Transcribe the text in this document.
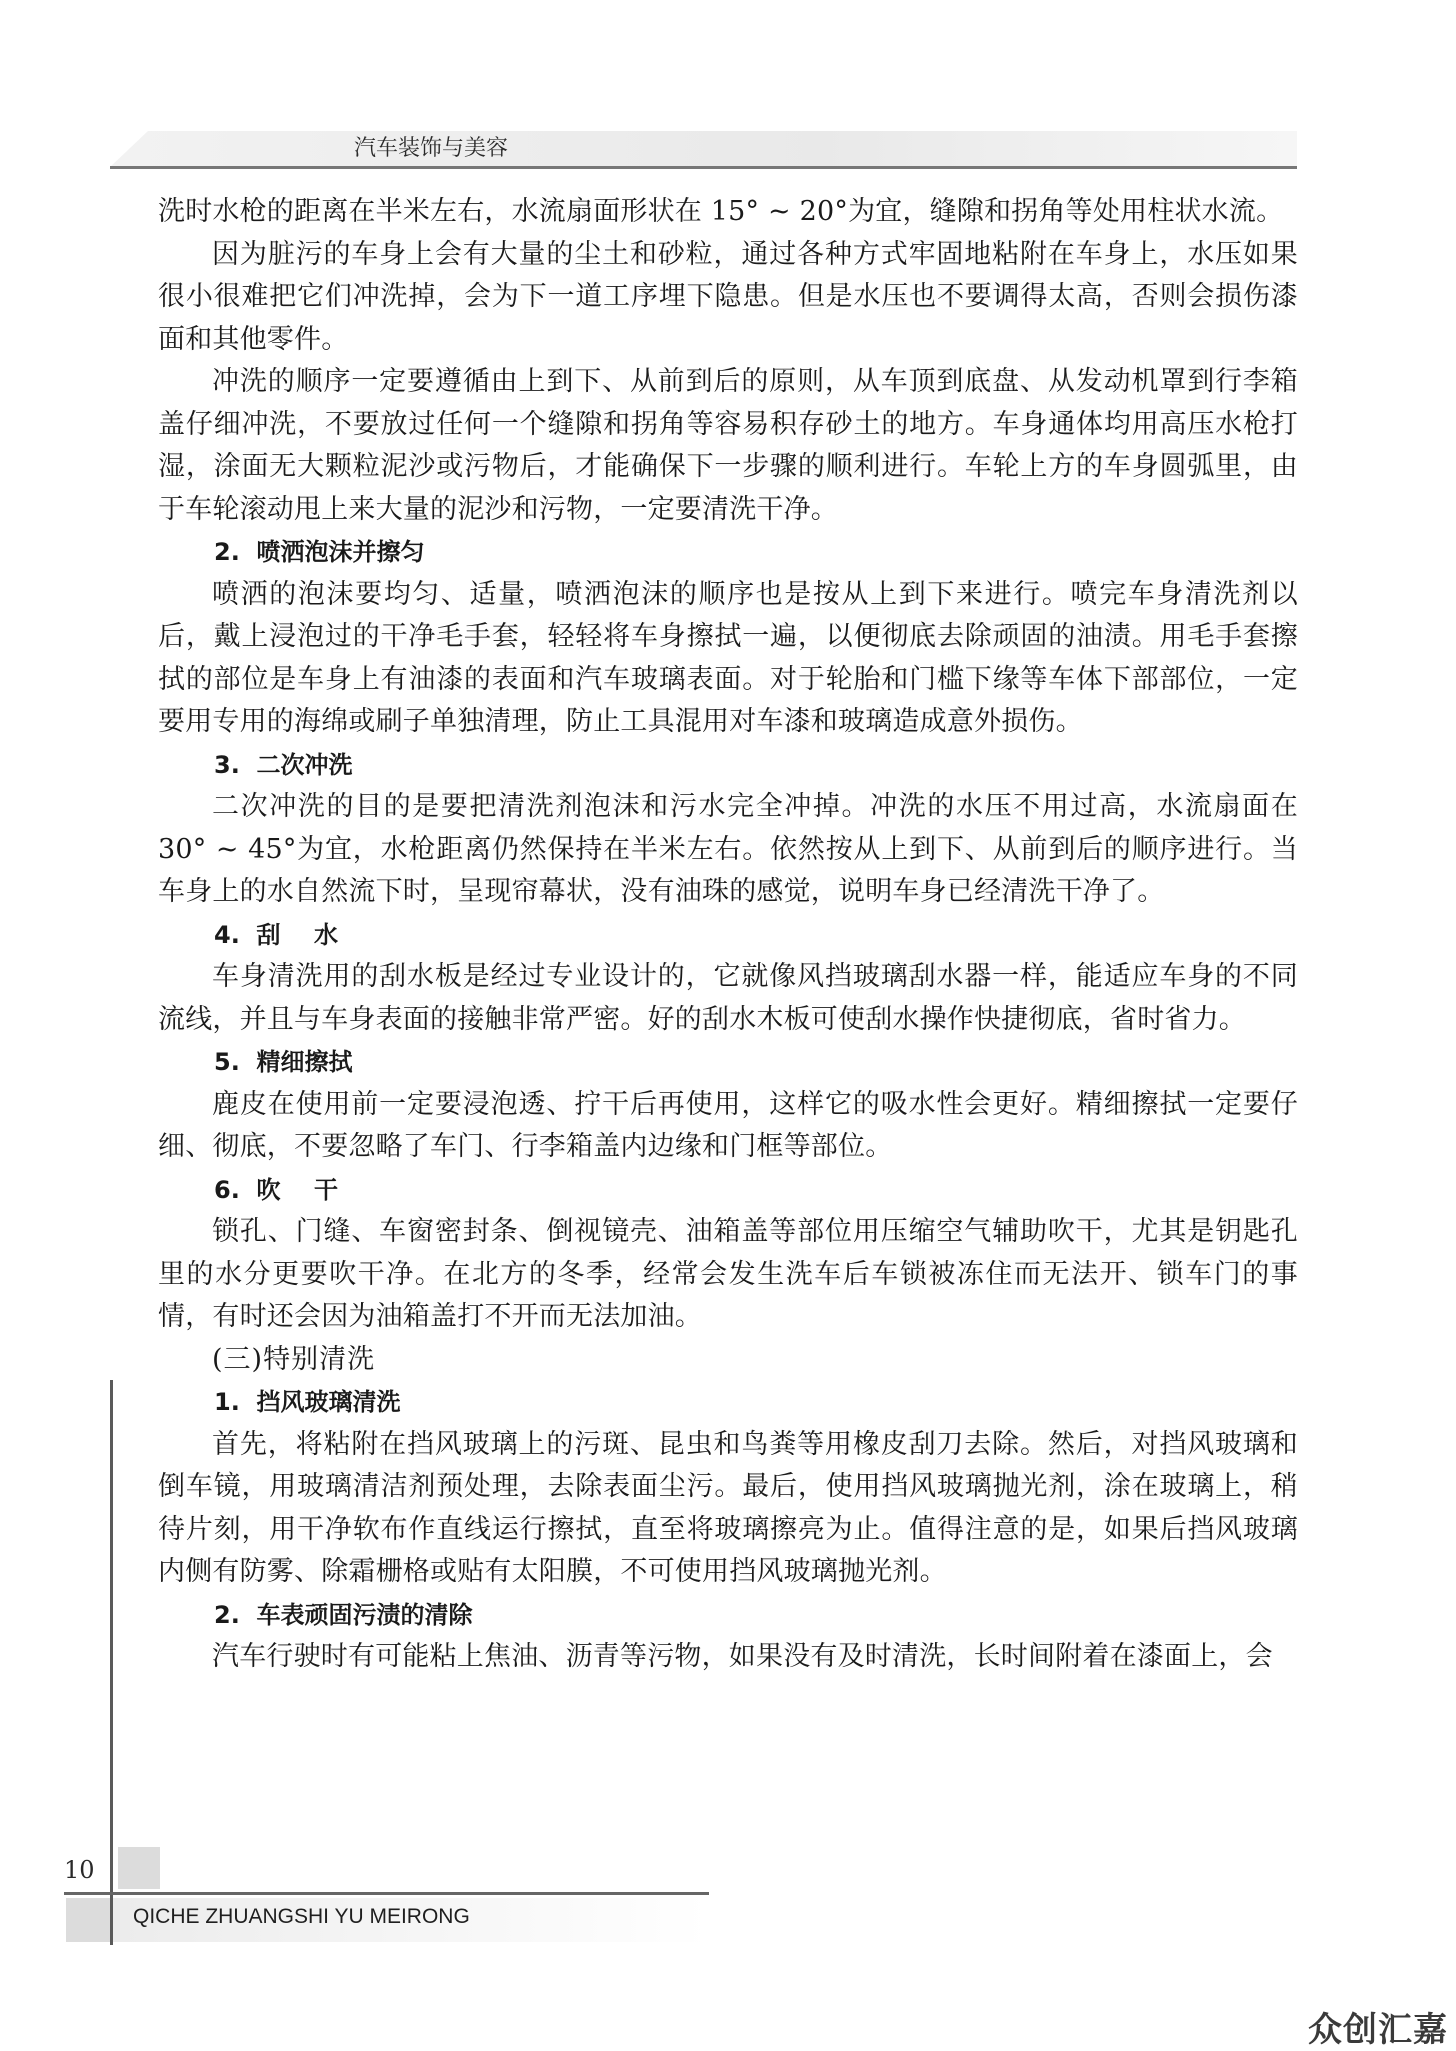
汽车装饰与美容

洗时水枪的距离在半米左右，水流扇面形状在 15° ~ 20°为宜，缝隙和拐角等处用柱状水流。

因为脏污的车身上会有大量的尘土和砂粒，通过各种方式牢固地粘附在车身上，水压如果很小很难把它们冲洗掉，会为下一道工序埋下隐患。但是水压也不要调得太高，否则会损伤漆面和其他零件。

冲洗的顺序一定要遵循由上到下、从前到后的原则，从车顶到底盘、从发动机罩到行李箱盖仔细冲洗，不要放过任何一个缝隙和拐角等容易积存砂土的地方。车身通体均用高压水枪打湿，涂面无大颗粒泥沙或污物后，才能确保下一步骤的顺利进行。车轮上方的车身圆弧里，由于车轮滚动甩上来大量的泥沙和污物，一定要清洗干净。

2.  喷洒泡沫并擦匀

喷洒的泡沫要均匀、适量，喷洒泡沫的顺序也是按从上到下来进行。喷完车身清洗剂以后，戴上浸泡过的干净毛手套，轻轻将车身擦拭一遍，以便彻底去除顽固的油渍。用毛手套擦拭的部位是车身上有油漆的表面和汽车玻璃表面。对于轮胎和门槛下缘等车体下部部位，一定要用专用的海绵或刷子单独清理，防止工具混用对车漆和玻璃造成意外损伤。

3.  二次冲洗

二次冲洗的目的是要把清洗剂泡沫和污水完全冲掉。冲洗的水压不用过高，水流扇面在 30° ~ 45°为宜，水枪距离仍然保持在半米左右。依然按从上到下、从前到后的顺序进行。当车身上的水自然流下时，呈现帘幕状，没有油珠的感觉，说明车身已经清洗干净了。

4.  刮    水

车身清洗用的刮水板是经过专业设计的，它就像风挡玻璃刮水器一样，能适应车身的不同流线，并且与车身表面的接触非常严密。好的刮水木板可使刮水操作快捷彻底，省时省力。

5.  精细擦拭

鹿皮在使用前一定要浸泡透、拧干后再使用，这样它的吸水性会更好。精细擦拭一定要仔细、彻底，不要忽略了车门、行李箱盖内边缘和门框等部位。

6.  吹    干

锁孔、门缝、车窗密封条、倒视镜壳、油箱盖等部位用压缩空气辅助吹干，尤其是钥匙孔里的水分更要吹干净。在北方的冬季，经常会发生洗车后车锁被冻住而无法开、锁车门的事情，有时还会因为油箱盖打不开而无法加油。

(三)特别清洗

1.  挡风玻璃清洗

首先，将粘附在挡风玻璃上的污斑、昆虫和鸟粪等用橡皮刮刀去除。然后，对挡风玻璃和倒车镜，用玻璃清洁剂预处理，去除表面尘污。最后，使用挡风玻璃抛光剂，涂在玻璃上，稍待片刻，用干净软布作直线运行擦拭，直至将玻璃擦亮为止。值得注意的是，如果后挡风玻璃内侧有防雾、除霜栅格或贴有太阳膜，不可使用挡风玻璃抛光剂。

2.  车表顽固污渍的清除

汽车行驶时有可能粘上焦油、沥青等污物，如果没有及时清洗，长时间附着在漆面上，会

10
QICHE ZHUANGSHI YU MEIRONG
众创汇嘉
